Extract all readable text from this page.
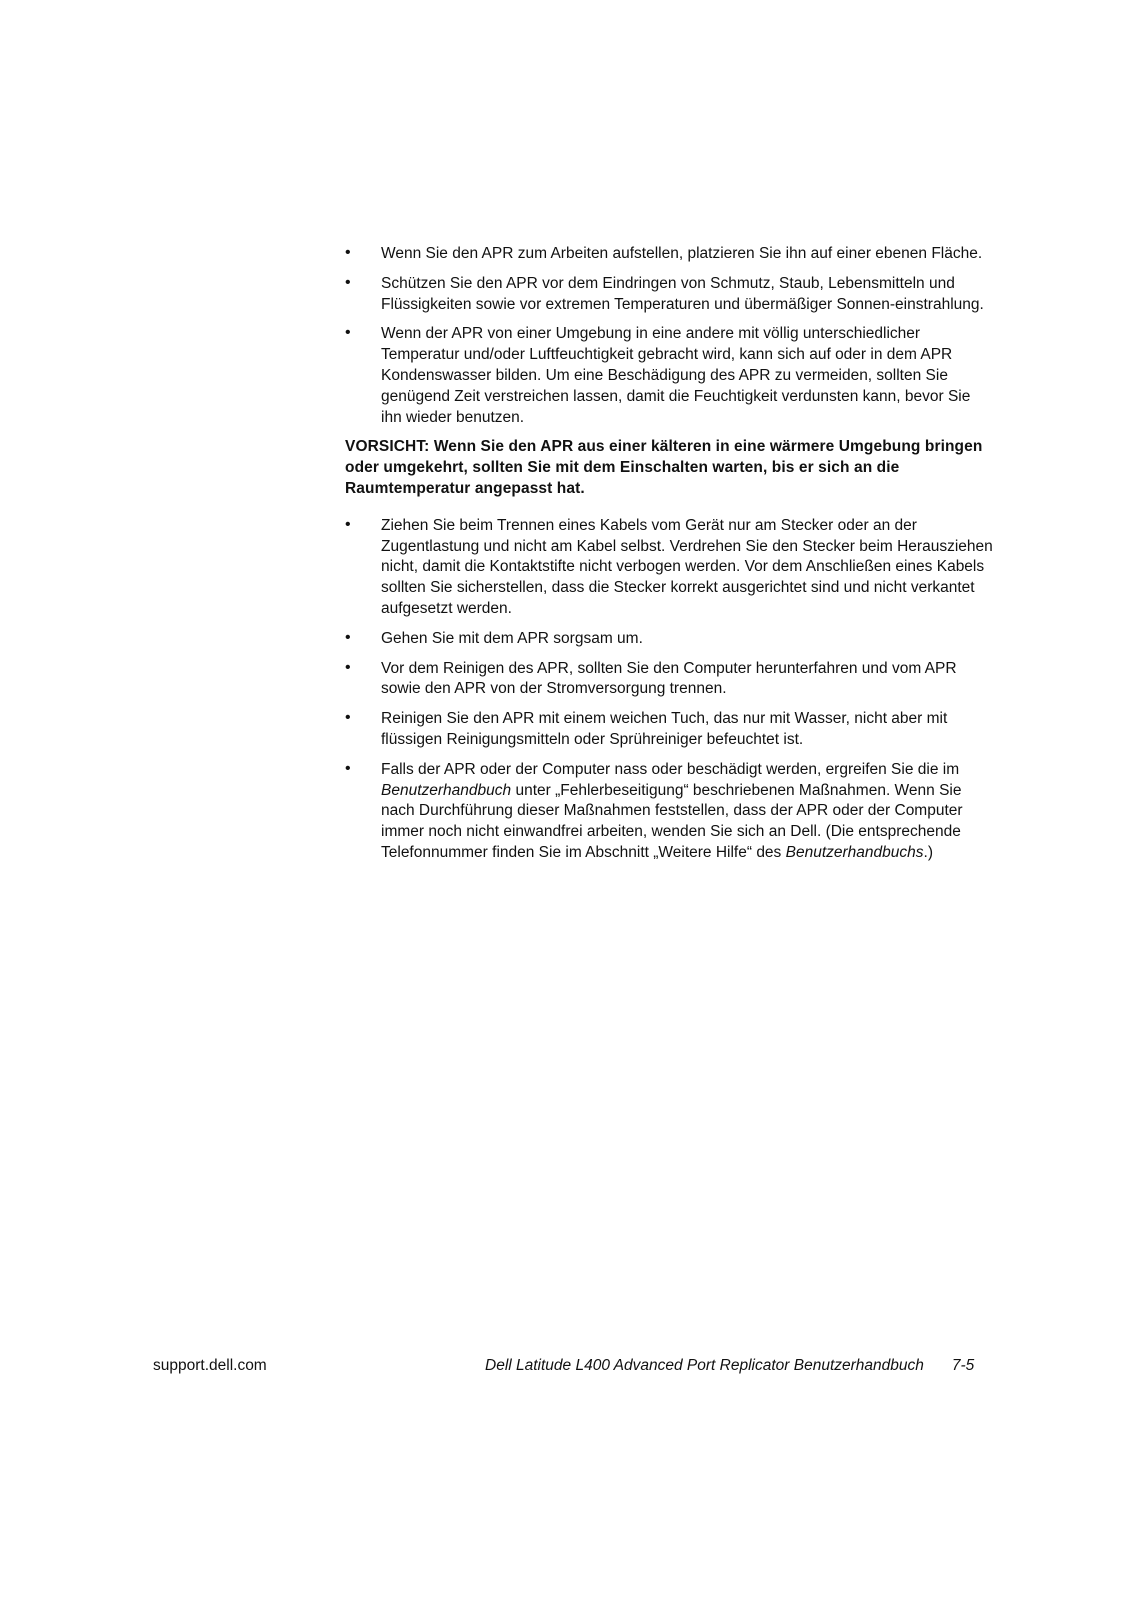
• Wenn Sie den APR zum Arbeiten aufstellen, platzieren Sie ihn auf einer ebenen Fläche.
• Schützen Sie den APR vor dem Eindringen von Schmutz, Staub, Lebensmitteln und Flüssigkeiten sowie vor extremen Temperaturen und übermäßiger Sonnen-einstrahlung.
• Wenn der APR von einer Umgebung in eine andere mit völlig unterschiedlicher Temperatur und/oder Luftfeuchtigkeit gebracht wird, kann sich auf oder in dem APR Kondenswasser bilden. Um eine Beschädigung des APR zu vermeiden, sollten Sie genügend Zeit verstreichen lassen, damit die Feuchtigkeit verdunsten kann, bevor Sie ihn wieder benutzen.

VORSICHT: Wenn Sie den APR aus einer kälteren in eine wärmere Umgebung bringen oder umgekehrt, sollten Sie mit dem Einschalten warten, bis er sich an die Raumtemperatur angepasst hat.

• Ziehen Sie beim Trennen eines Kabels vom Gerät nur am Stecker oder an der Zugentlastung und nicht am Kabel selbst. Verdrehen Sie den Stecker beim Herausziehen nicht, damit die Kontaktstifte nicht verbogen werden. Vor dem Anschließen eines Kabels sollten Sie sicherstellen, dass die Stecker korrekt ausgerichtet sind und nicht verkantet aufgesetzt werden.
• Gehen Sie mit dem APR sorgsam um.
• Vor dem Reinigen des APR, sollten Sie den Computer herunterfahren und vom APR sowie den APR von der Stromversorgung trennen.
• Reinigen Sie den APR mit einem weichen Tuch, das nur mit Wasser, nicht aber mit flüssigen Reinigungsmitteln oder Sprühreiniger befeuchtet ist.
• Falls der APR oder der Computer nass oder beschädigt werden, ergreifen Sie die im Benutzerhandbuch unter „Fehlerbeseitigung“ beschriebenen Maßnahmen. Wenn Sie nach Durchführung dieser Maßnahmen feststellen, dass der APR oder der Computer immer noch nicht einwandfrei arbeiten, wenden Sie sich an Dell. (Die entsprechende Telefonnummer finden Sie im Abschnitt „Weitere Hilfe“ des Benutzerhandbuchs.)
support.dell.com	Dell Latitude L400 Advanced Port Replicator Benutzerhandbuch 7-5
